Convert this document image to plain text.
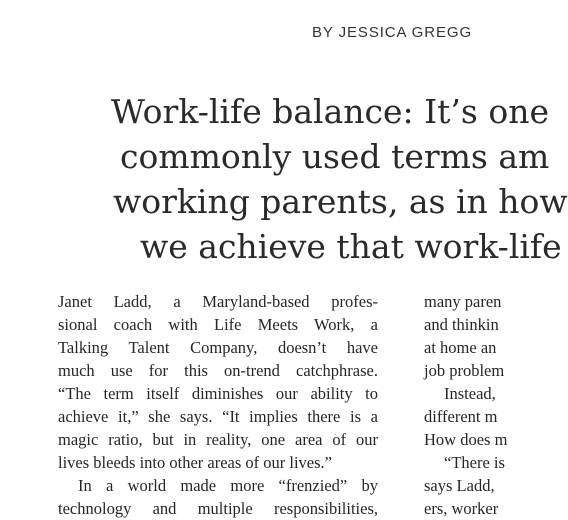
BY JESSICA GREGG
Work-life balance: It’s one
commonly used terms am
working parents, as in how
we achieve that work-life
Janet Ladd, a Maryland-based profes-
sional coach with Life Meets Work, a
Talking Talent Company, doesn’t have
much use for this on-trend catchphrase.
“The term itself diminishes our ability to
achieve it,” she says. “It implies there is a
magic ratio, but in reality, one area of our
lives bleeds into other areas of our lives.”
In a world made more “frenzied” by
technology and multiple responsibilities,
many paren
and thinkin
at home an
job problem
Instead,
different m
How does m
“There is
says Ladd,
ers, worker
